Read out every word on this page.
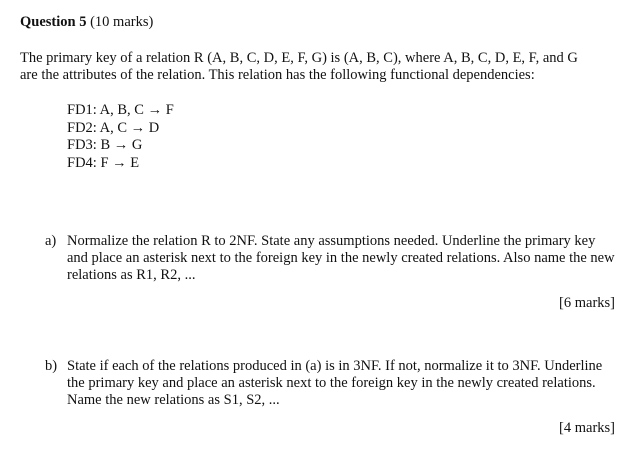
Question 5 (10 marks)
The primary key of a relation R (A, B, C, D, E, F, G) is (A, B, C), where A, B, C, D, E, F, and G
are the attributes of the relation. This relation has the following functional dependencies:
FD1: A, B, C → F
FD2: A, C → D
FD3: B → G
FD4: F → E
a) Normalize the relation R to 2NF. State any assumptions needed. Underline the primary key
and place an asterisk next to the foreign key in the newly created relations. Also name the new
relations as R1, R2, ...
[6 marks]
b) State if each of the relations produced in (a) is in 3NF. If not, normalize it to 3NF. Underline
the primary key and place an asterisk next to the foreign key in the newly created relations.
Name the new relations as S1, S2, ...
[4 marks]
